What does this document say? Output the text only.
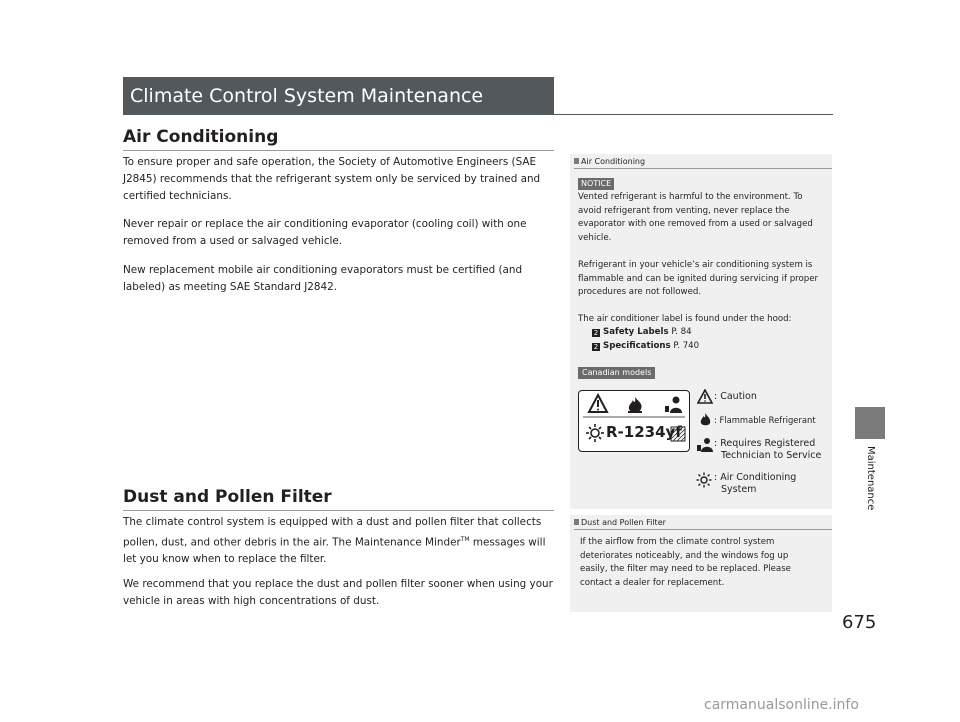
Climate Control System Maintenance
Air Conditioning
To ensure proper and safe operation, the Society of Automotive Engineers (SAE J2845) recommends that the refrigerant system only be serviced by trained and certified technicians.
Never repair or replace the air conditioning evaporator (cooling coil) with one removed from a used or salvaged vehicle.
New replacement mobile air conditioning evaporators must be certified (and labeled) as meeting SAE Standard J2842.
Dust and Pollen Filter
The climate control system is equipped with a dust and pollen filter that collects pollen, dust, and other debris in the air. The Maintenance Minder™ messages will let you know when to replace the filter.
We recommend that you replace the dust and pollen filter sooner when using your vehicle in areas with high concentrations of dust.
Air Conditioning
NOTICE
Vented refrigerant is harmful to the environment. To avoid refrigerant from venting, never replace the evaporator with one removed from a used or salvaged vehicle.
Refrigerant in your vehicle’s air conditioning system is flammable and can be ignited during servicing if proper procedures are not followed.
The air conditioner label is found under the hood:
2 Safety Labels P. 84
2 Specifications P. 740
Canadian models
R-1234yf
: Caution
: Flammable Refrigerant
: Requires Registered
Technician to Service
: Air Conditioning
System
Dust and Pollen Filter
If the airflow from the climate control system deteriorates noticeably, and the windows fog up easily, the filter may need to be replaced. Please contact a dealer for replacement.
Maintenance
675
carmanualsonline.info
